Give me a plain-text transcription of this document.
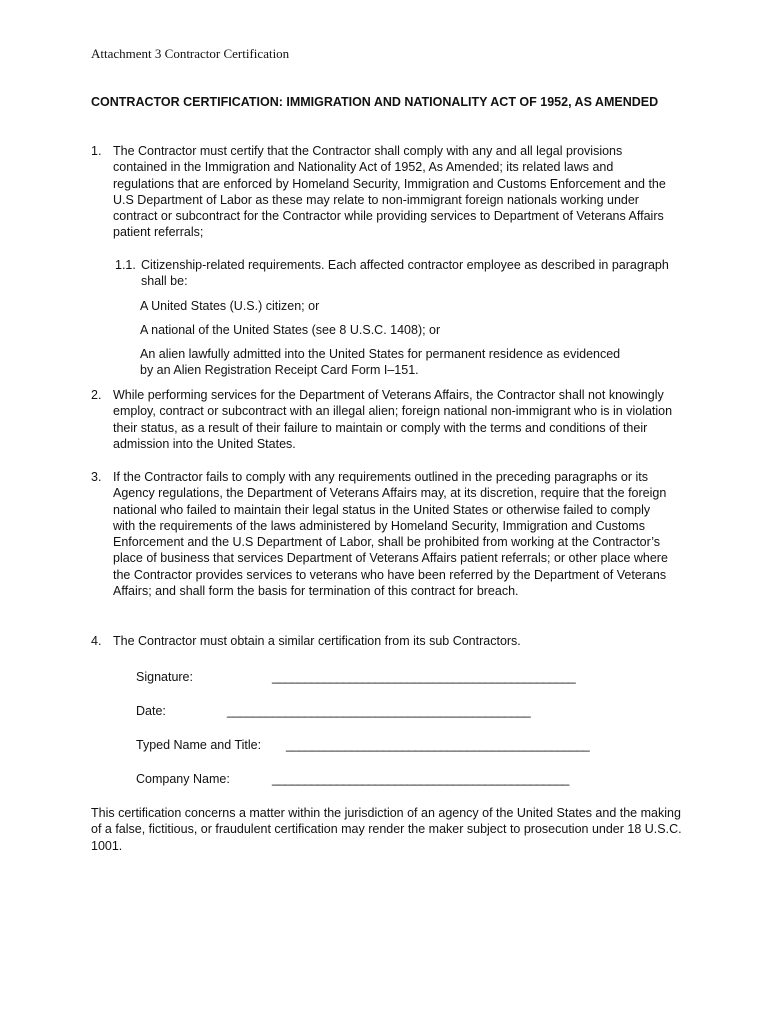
Attachment 3 Contractor Certification
CONTRACTOR CERTIFICATION: IMMIGRATION AND NATIONALITY ACT OF 1952, AS AMENDED
1. The Contractor must certify that the Contractor shall comply with any and all legal provisions contained in the Immigration and Nationality Act of 1952, As Amended; its related laws and regulations that are enforced by Homeland Security, Immigration and Customs Enforcement and the U.S Department of Labor as these may relate to non-immigrant foreign nationals working under contract or subcontract for the Contractor while providing services to Department of Veterans Affairs patient referrals;
1.1. Citizenship-related requirements. Each affected contractor employee as described in paragraph shall be:
A United States (U.S.) citizen; or
A national of the United States (see 8 U.S.C. 1408); or
An alien lawfully admitted into the United States for permanent residence as evidenced by an Alien Registration Receipt Card Form I–151.
2. While performing services for the Department of Veterans Affairs, the Contractor shall not knowingly employ, contract or subcontract with an illegal alien; foreign national non-immigrant who is in violation their status, as a result of their failure to maintain or comply with the terms and conditions of their admission into the United States.
3. If the Contractor fails to comply with any requirements outlined in the preceding paragraphs or its Agency regulations, the Department of Veterans Affairs may, at its discretion, require that the foreign national who failed to maintain their legal status in the United States or otherwise failed to comply with the requirements of the laws administered by Homeland Security, Immigration and Customs Enforcement and the U.S Department of Labor, shall be prohibited from working at the Contractor’s place of business that services Department of Veterans Affairs patient referrals; or other place where the Contractor provides services to veterans who have been referred by the Department of Veterans Affairs; and shall form the basis for termination of this contract for breach.
4. The Contractor must obtain a similar certification from its sub Contractors.
Signature:	_______________________________________________
Date:	_______________________________________________
Typed Name and Title: _______________________________________________
Company Name:	______________________________________________
This certification concerns a matter within the jurisdiction of an agency of the United States and the making of a false, fictitious, or fraudulent certification may render the maker subject to prosecution under 18 U.S.C. 1001.
